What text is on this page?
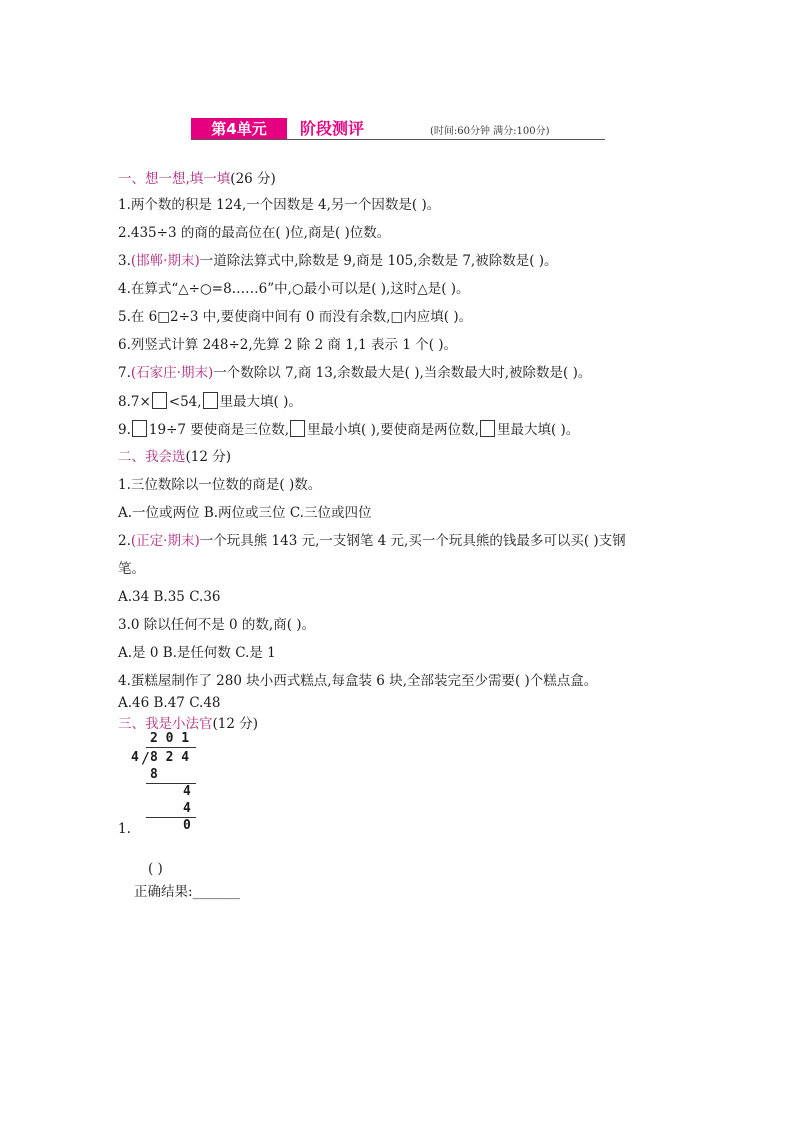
第4单元	阶段测评	(时间:60分钟 满分:100分)
一、想一想,填一填(26 分)
1.两个数的积是 124,一个因数是 4,另一个因数是( )。
2.435÷3 的商的最高位在( )位,商是( )位数。
3.(邯郸·期末)一道除法算式中,除数是 9,商是 105,余数是 7,被除数是( )。
4.在算式“△÷○=8……6”中,○最小可以是( ),这时△是( )。
5.在 6□2÷3 中,要使商中间有 0 而没有余数,□内应填( )。
6.列竖式计算 248÷2,先算 2 除 2 商 1,1 表示 1 个( )。
7.(石家庄·期末)一个数除以 7,商 13,余数最大是( ),当余数最大时,被除数是( )。
8.7× <54, 里最大填( )。
9. 19÷7 要使商是三位数, 里最小填( ),要使商是两位数, 里最大填( )。
二、我会选(12 分)
1.三位数除以一位数的商是( )数。
A.一位或两位 B.两位或三位 C.三位或四位
2.(正定·期末)一个玩具熊 143 元,一支钢笔 4 元,买一个玩具熊的钱最多可以买( )支钢
笔。
A.34 B.35 C.36
3.0 除以任何不是 0 的数,商( )。
A.是 0 B.是任何数 C.是 1
4.蛋糕屋制作了 280 块小西式糕点,每盒装 6 块,全部装完至少需要( )个糕点盒。
A.46 B.47 C.48
三、我是小法官(12 分)
2 0 1
4 / 8 2 4
8
4
4
0
1.
( )
正确结果:_______
